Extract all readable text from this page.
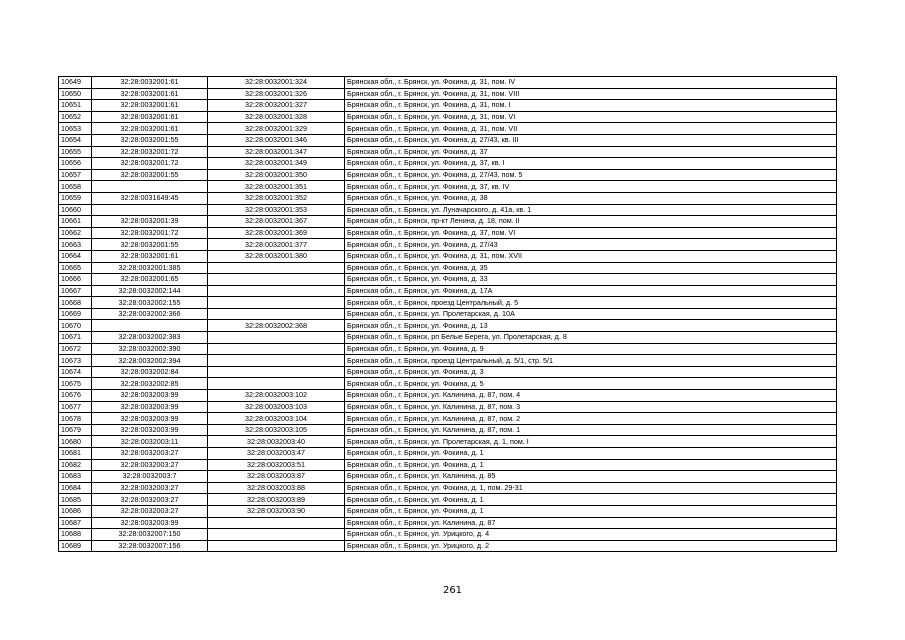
10649	32:28:0032001:61	32:28:0032001:324	Брянская обл., г. Брянск, ул. Фокина, д. 31, пом. IV
10650	32:28:0032001:61	32:28:0032001:326	Брянская обл., г. Брянск, ул. Фокина, д. 31, пом. VIII
10651	32:28:0032001:61	32:28:0032001:327	Брянская обл., г. Брянск, ул. Фокина, д. 31, пом. I
10652	32:28:0032001:61	32:28:0032001:328	Брянская обл., г. Брянск, ул. Фокина, д. 31, пом. VI
10653	32:28:0032001:61	32:28:0032001:329	Брянская обл., г. Брянск, ул. Фокина, д. 31, пом. VII
10654	32:28:0032001:55	32:28:0032001:346	Брянская обл., г. Брянск, ул. Фокина, д. 27/43, кв. III
10655	32:28:0032001:72	32:28:0032001:347	Брянская обл., г. Брянск, ул. Фокина, д. 37
10656	32:28:0032001:72	32:28:0032001:349	Брянская обл., г. Брянск, ул. Фокина, д. 37, кв. I
10657	32:28:0032001:55	32:28:0032001:350	Брянская обл., г. Брянск, ул. Фокина, д. 27/43, пом. 5
10658		32:28:0032001:351	Брянская обл., г. Брянск, ул. Фокина, д. 37, кв. IV
10659	32:28:0031649:45	32:28:0032001:352	Брянская обл., г. Брянск, ул. Фокина, д. 38
10660		32:28:0032001:353	Брянская обл., г. Брянск, ул. Луначарского, д. 41а, кв. 1
10661	32:28:0032001:39	32:28:0032001:367	Брянская обл., г. Брянск, пр-кт Ленина, д. 18, пом. II
10662	32:28:0032001:72	32:28:0032001:369	Брянская обл., г. Брянск, ул. Фокина, д. 37, пом. VI
10663	32:28:0032001:55	32:28:0032001:377	Брянская обл., г. Брянск, ул. Фокина, д. 27/43
10664	32:28:0032001:61	32:28:0032001:380	Брянская обл., г. Брянск, ул. Фокина, д. 31, пом. XVII
10665	32:28:0032001:385		Брянская обл., г. Брянск, ул. Фокина, д. 35
10666	32:28:0032001:65		Брянская обл., г. Брянск, ул. Фокина, д. 33
10667	32:28:0032002:144		Брянская обл., г. Брянск, ул. Фокина, д. 17А
10668	32:28:0032002:155		Брянская обл., г. Брянск, проезд Центральный, д. 5
10669	32:28:0032002:366		Брянская обл., г. Брянск, ул. Пролетарская, д. 10А
10670		32:28:0032002:368	Брянская обл., г. Брянск, ул. Фокина, д. 13
10671	32:28:0032002:383		Брянская обл., г. Брянск, рп Белые Берега, ул. Пролетарская, д. 8
10672	32:28:0032002:390		Брянская обл., г. Брянск, ул. Фокина, д. 9
10673	32:28:0032002:394		Брянская обл., г. Брянск, проезд Центральный, д. 5/1, стр. 5/1
10674	32:28:0032002:84		Брянская обл., г. Брянск, ул. Фокина, д. 3
10675	32:28:0032002:85		Брянская обл., г. Брянск, ул. Фокина, д. 5
10676	32:28:0032003:99	32:28:0032003:102	Брянская обл., г. Брянск, ул. Калинина, д. 87, пом. 4
10677	32:28:0032003:99	32:28:0032003:103	Брянская обл., г. Брянск, ул. Калинина, д. 87, пом. 3
10678	32:28:0032003:99	32:28:0032003:104	Брянская обл., г. Брянск, ул. Калинина, д. 87, пом. 2
10679	32:28:0032003:99	32:28:0032003:105	Брянская обл., г. Брянск, ул. Калинина, д. 87, пом. 1
10680	32:28:0032003:11	32:28:0032003:40	Брянская обл., г. Брянск, ул. Пролетарская, д. 1, пом. I
10681	32:28:0032003:27	32:28:0032003:47	Брянская обл., г. Брянск, ул. Фокина, д. 1
10682	32:28:0032003:27	32:28:0032003:51	Брянская обл., г. Брянск, ул. Фокина, д. 1
10683	32:28:0032003:7	32:28:0032003:87	Брянская обл., г. Брянск, ул. Калинина, д. 85
10684	32:28:0032003:27	32:28:0032003:88	Брянская обл., г. Брянск, ул. Фокина, д. 1, пом. 29-31
10685	32:28:0032003:27	32:28:0032003:89	Брянская обл., г. Брянск, ул. Фокина, д. 1
10686	32:28:0032003:27	32:28:0032003:90	Брянская обл., г. Брянск, ул. Фокина, д. 1
10687	32:28:0032003:99		Брянская обл., г. Брянск, ул. Калинина, д. 87
10688	32:28:0032007:150		Брянская обл., г. Брянск, ул. Урицкого, д. 4
10689	32:28:0032007:156		Брянская обл., г. Брянск, ул. Урицкого, д. 2
261
